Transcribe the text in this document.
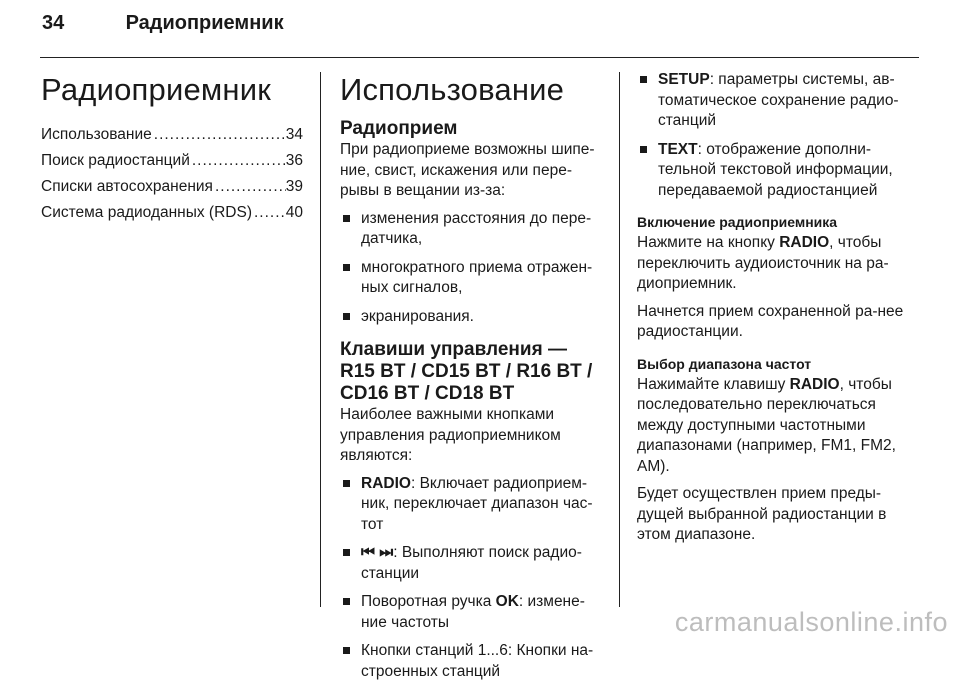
34	Радиоприемник
Радиоприемник
Использование .....	34
Поиск радиостанций .....	36
Списки автосохранения .....	39
Система радиоданных (RDS) ..... 40
Использование
Радиоприем

При радиоприеме возможны шипе-ние, свист, искажения или пере-рывы в вещании из-за:

изменения расстояния до пере-датчика,
многократного приема отражен-ных сигналов,
экранирования.
Клавиши управления —
R15 BT / CD15 BT / R16 BT /
CD16 BT / CD18 BT

Наиболее важными кнопками управления радиоприемником являются:

RADIO: Включает радиоприем-ник, переключает диапазон час-тот
⏮ ⏭: Выполняют поиск радио-станции
Поворотная ручка OK: измене-ние частоты
Кнопки станций 1...6: Кнопки на-строенных станций
SETUP: параметры системы, ав-томатическое сохранение радио-станций
TEXT: отображение дополни-тельной текстовой информации, передаваемой радиостанцией
Включение радиоприемника

Нажмите на кнопку RADIO, чтобы переключить аудиоисточник на ра-диоприемник.

Начнется прием сохраненной ра-нее радиостанции.

Выбор диапазона частот

Нажимайте клавишу RADIO, чтобы последовательно переключаться между доступными частотными диапазонами (например, FM1, FM2, AM).

Будет осуществлен прием преды-дущей выбранной радиостанции в этом диапазоне.

carmanualsonline.info
